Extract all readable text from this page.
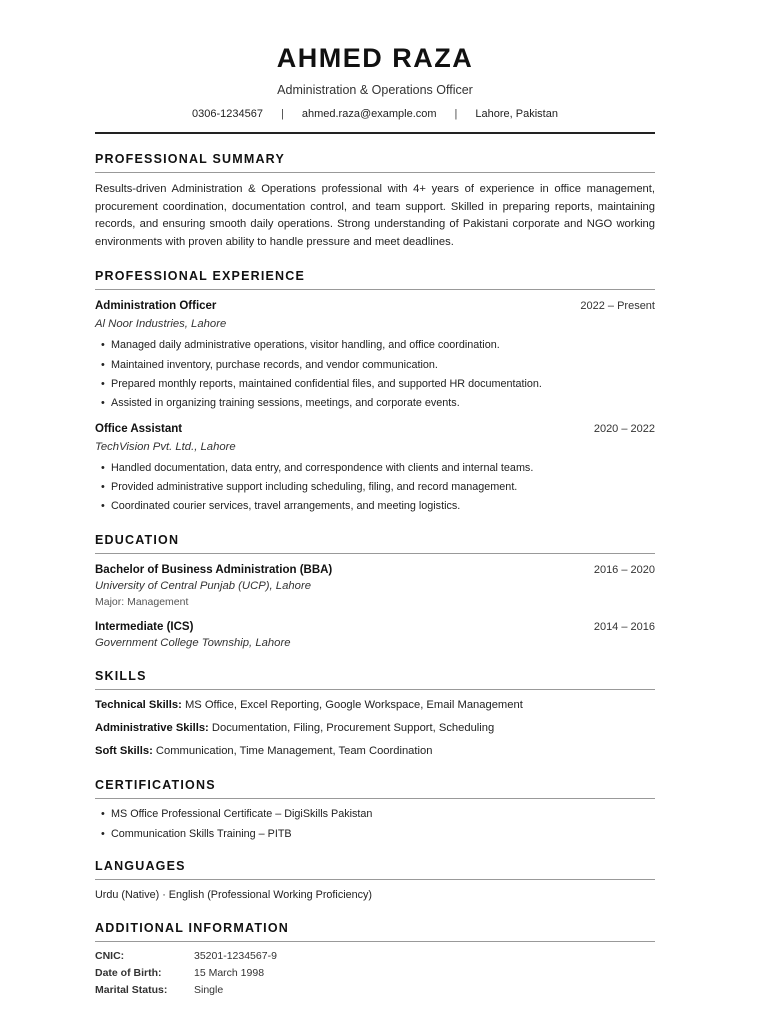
AHMED RAZA
Administration & Operations Officer
0306-1234567 | ahmed.raza@example.com | Lahore, Pakistan
PROFESSIONAL SUMMARY

Results-driven Administration & Operations professional with 4+ years of experience in office management, procurement coordination, documentation control, and team support. Skilled in preparing reports, maintaining records, and ensuring smooth daily operations. Strong understanding of Pakistani corporate and NGO working environments with proven ability to handle pressure and meet deadlines.

PROFESSIONAL EXPERIENCE
Administration Officer	2022 – Present
Al Noor Industries, Lahore
• Managed daily administrative operations, visitor handling, and office coordination.
• Maintained inventory, purchase records, and vendor communication.
• Prepared monthly reports, maintained confidential files, and supported HR documentation.
• Assisted in organizing training sessions, meetings, and corporate events.
Office Assistant	2020 – 2022
TechVision Pvt. Ltd., Lahore
• Handled documentation, data entry, and correspondence with clients and internal teams.
• Provided administrative support including scheduling, filing, and record management.
• Coordinated courier services, travel arrangements, and meeting logistics.
EDUCATION
Bachelor of Business Administration (BBA)	2016 – 2020
University of Central Punjab (UCP), Lahore
Major: Management
Intermediate (ICS)	2014 – 2016
Government College Township, Lahore
SKILLS
Technical Skills: MS Office, Excel Reporting, Google Workspace, Email Management
Administrative Skills: Documentation, Filing, Procurement Support, Scheduling
Soft Skills: Communication, Time Management, Team Coordination
CERTIFICATIONS
• MS Office Professional Certificate – DigiSkills Pakistan
• Communication Skills Training – PITB
LANGUAGES
Urdu (Native) · English (Professional Working Proficiency)
ADDITIONAL INFORMATION
CNIC:	35201-1234567-9
Date of Birth:	15 March 1998
Marital Status:	Single
